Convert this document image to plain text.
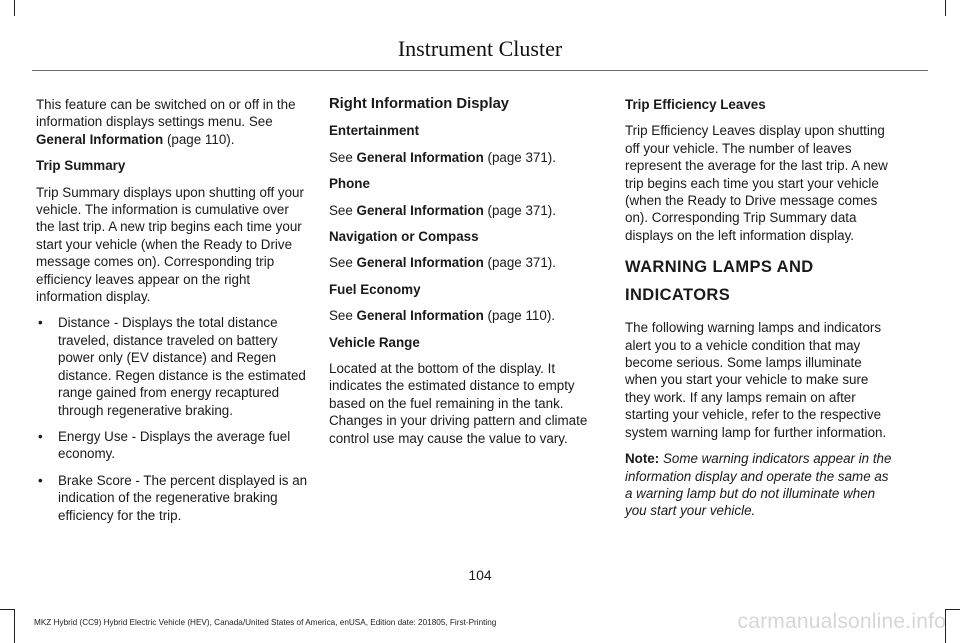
Instrument Cluster

This feature can be switched on or off in the information displays settings menu. See General Information (page 110).

Trip Summary

Trip Summary displays upon shutting off your vehicle. The information is cumulative over the last trip. A new trip begins each time your start your vehicle (when the Ready to Drive message comes on). Corresponding trip efficiency leaves appear on the right information display.

• Distance - Displays the total distance traveled, distance traveled on battery power only (EV distance) and Regen distance. Regen distance is the estimated range gained from energy recaptured through regenerative braking.
• Energy Use - Displays the average fuel economy.
• Brake Score - The percent displayed is an indication of the regenerative braking efficiency for the trip.

Right Information Display

Entertainment

See General Information (page 371).

Phone

See General Information (page 371).

Navigation or Compass

See General Information (page 371).

Fuel Economy

See General Information (page 110).

Vehicle Range

Located at the bottom of the display. It indicates the estimated distance to empty based on the fuel remaining in the tank. Changes in your driving pattern and climate control use may cause the value to vary.

Trip Efficiency Leaves

Trip Efficiency Leaves display upon shutting off your vehicle. The number of leaves represent the average for the last trip. A new trip begins each time you start your vehicle (when the Ready to Drive message comes on). Corresponding Trip Summary data displays on the left information display.

WARNING LAMPS AND
INDICATORS

The following warning lamps and indicators alert you to a vehicle condition that may become serious. Some lamps illuminate when you start your vehicle to make sure they work. If any lamps remain on after starting your vehicle, refer to the respective system warning lamp for further information.

Note: Some warning indicators appear in the information display and operate the same as a warning lamp but do not illuminate when you start your vehicle.

104
MKZ Hybrid (CC9) Hybrid Electric Vehicle (HEV), Canada/United States of America, enUSA, Edition date: 201805, First-Printing	carmanualsonline.info
